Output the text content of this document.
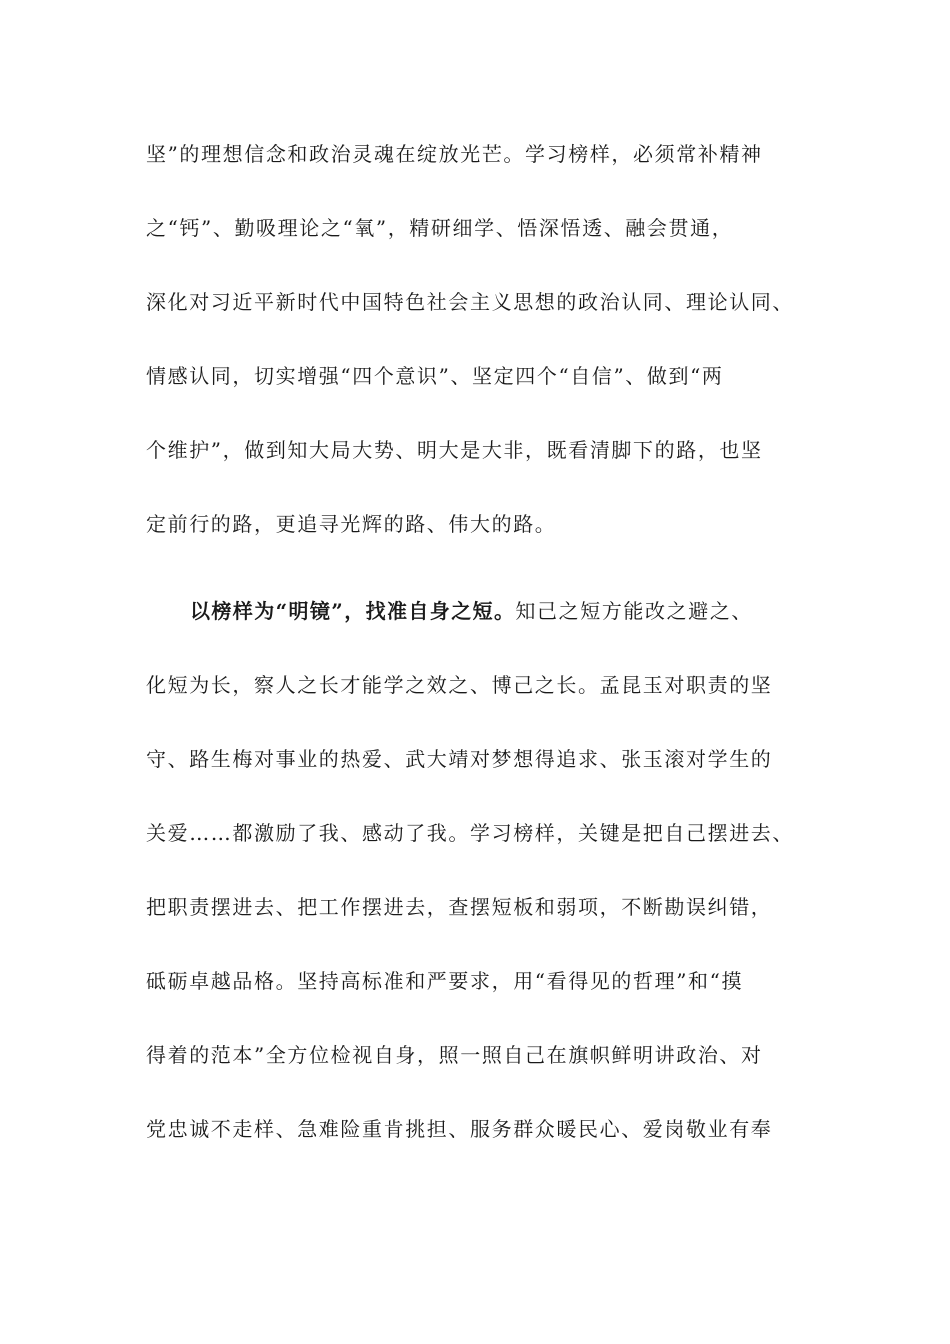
坚”的理想信念和政治灵魂在绽放光芒。学习榜样，必须常补精神
之“钙”、勤吸理论之“氧”，精研细学、悟深悟透、融会贯通，
深化对习近平新时代中国特色社会主义思想的政治认同、理论认同、
情感认同，切实增强“四个意识”、坚定四个“自信”、做到“两
个维护”，做到知大局大势、明大是大非，既看清脚下的路，也坚
定前行的路，更追寻光辉的路、伟大的路。
以榜样为“明镜”，找准自身之短。知己之短方能改之避之、
化短为长，察人之长才能学之效之、博己之长。孟昆玉对职责的坚
守、路生梅对事业的热爱、武大靖对梦想得追求、张玉滚对学生的
关爱……都激励了我、感动了我。学习榜样，关键是把自己摆进去、
把职责摆进去、把工作摆进去，查摆短板和弱项，不断勘误纠错，
砥砺卓越品格。坚持高标准和严要求，用“看得见的哲理”和“摸
得着的范本”全方位检视自身，照一照自己在旗帜鲜明讲政治、对
党忠诚不走样、急难险重肯挑担、服务群众暖民心、爱岗敬业有奉
